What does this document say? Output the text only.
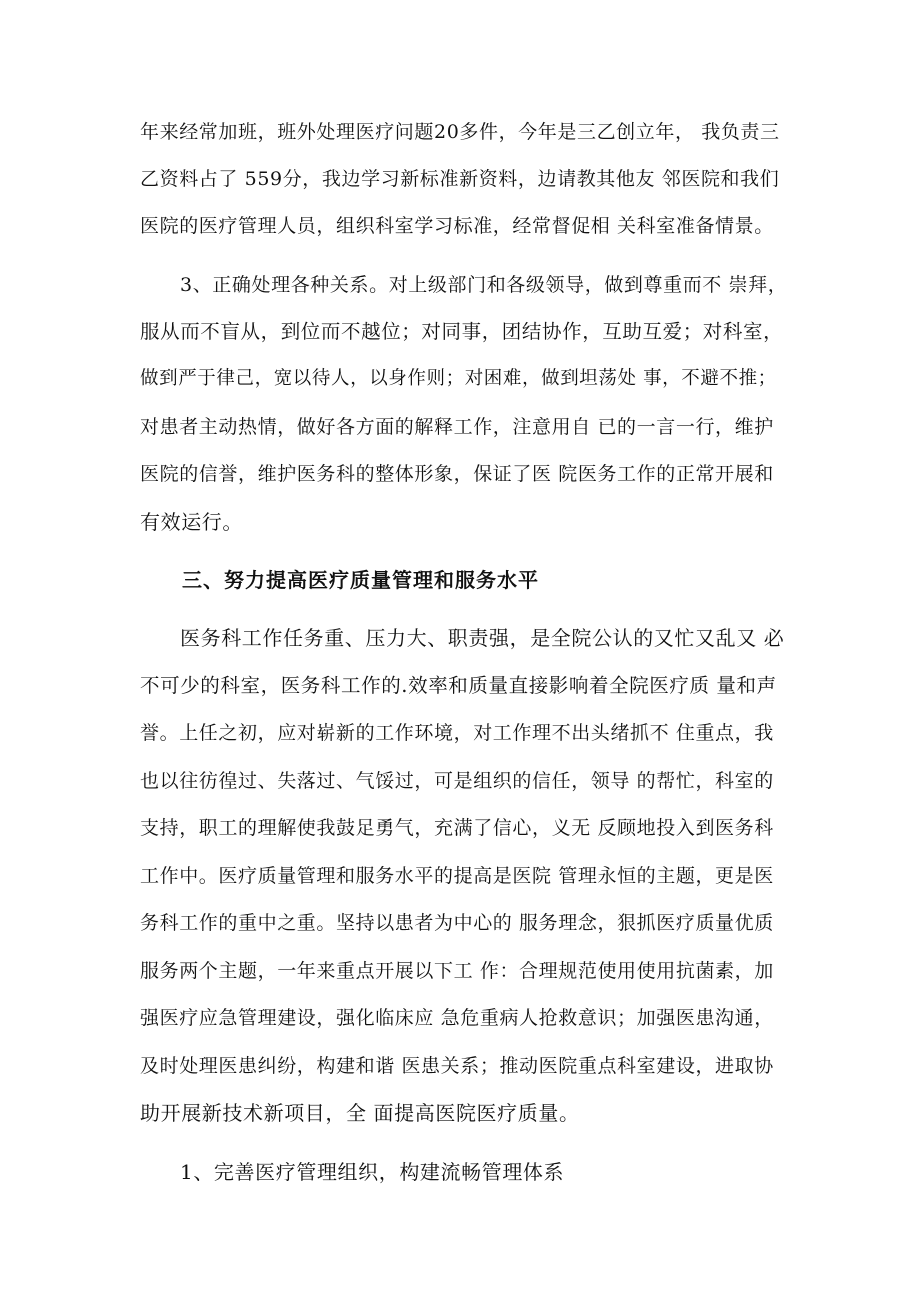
年来经常加班，班外处理医疗问题20多件，今年是三乙创立年， 我负责三
乙资料占了 559分，我边学习新标准新资料，边请教其他友 邻医院和我们
医院的医疗管理人员，组织科室学习标准，经常督促相 关科室准备情景。
3、正确处理各种关系。对上级部门和各级领导，做到尊重而不 崇拜，
服从而不盲从，到位而不越位；对同事，团结协作，互助互爱；对科室，
做到严于律己，宽以待人，以身作则；对困难，做到坦荡处 事，不避不推；
对患者主动热情，做好各方面的解释工作，注意用自 已的一言一行，维护
医院的信誉，维护医务科的整体形象，保证了医 院医务工作的正常开展和
有效运行。
三、努力提高医疗质量管理和服务水平
医务科工作任务重、压力大、职责强，是全院公认的又忙又乱又 必
不可少的科室，医务科工作的.效率和质量直接影响着全院医疗质 量和声
誉。上任之初，应对崭新的工作环境，对工作理不出头绪抓不 住重点，我
也以往彷徨过、失落过、气馁过，可是组织的信任，领导 的帮忙，科室的
支持，职工的理解使我鼓足勇气，充满了信心，义无 反顾地投入到医务科
工作中。医疗质量管理和服务水平的提高是医院 管理永恒的主题，更是医
务科工作的重中之重。坚持以患者为中心的 服务理念，狠抓医疗质量优质
服务两个主题，一年来重点开展以下工 作：合理规范使用使用抗菌素，加
强医疗应急管理建设，强化临床应 急危重病人抢救意识；加强医患沟通，
及时处理医患纠纷，构建和谐 医患关系；推动医院重点科室建设，进取协
助开展新技术新项目，全 面提高医院医疗质量。
1、完善医疗管理组织，构建流畅管理体系
